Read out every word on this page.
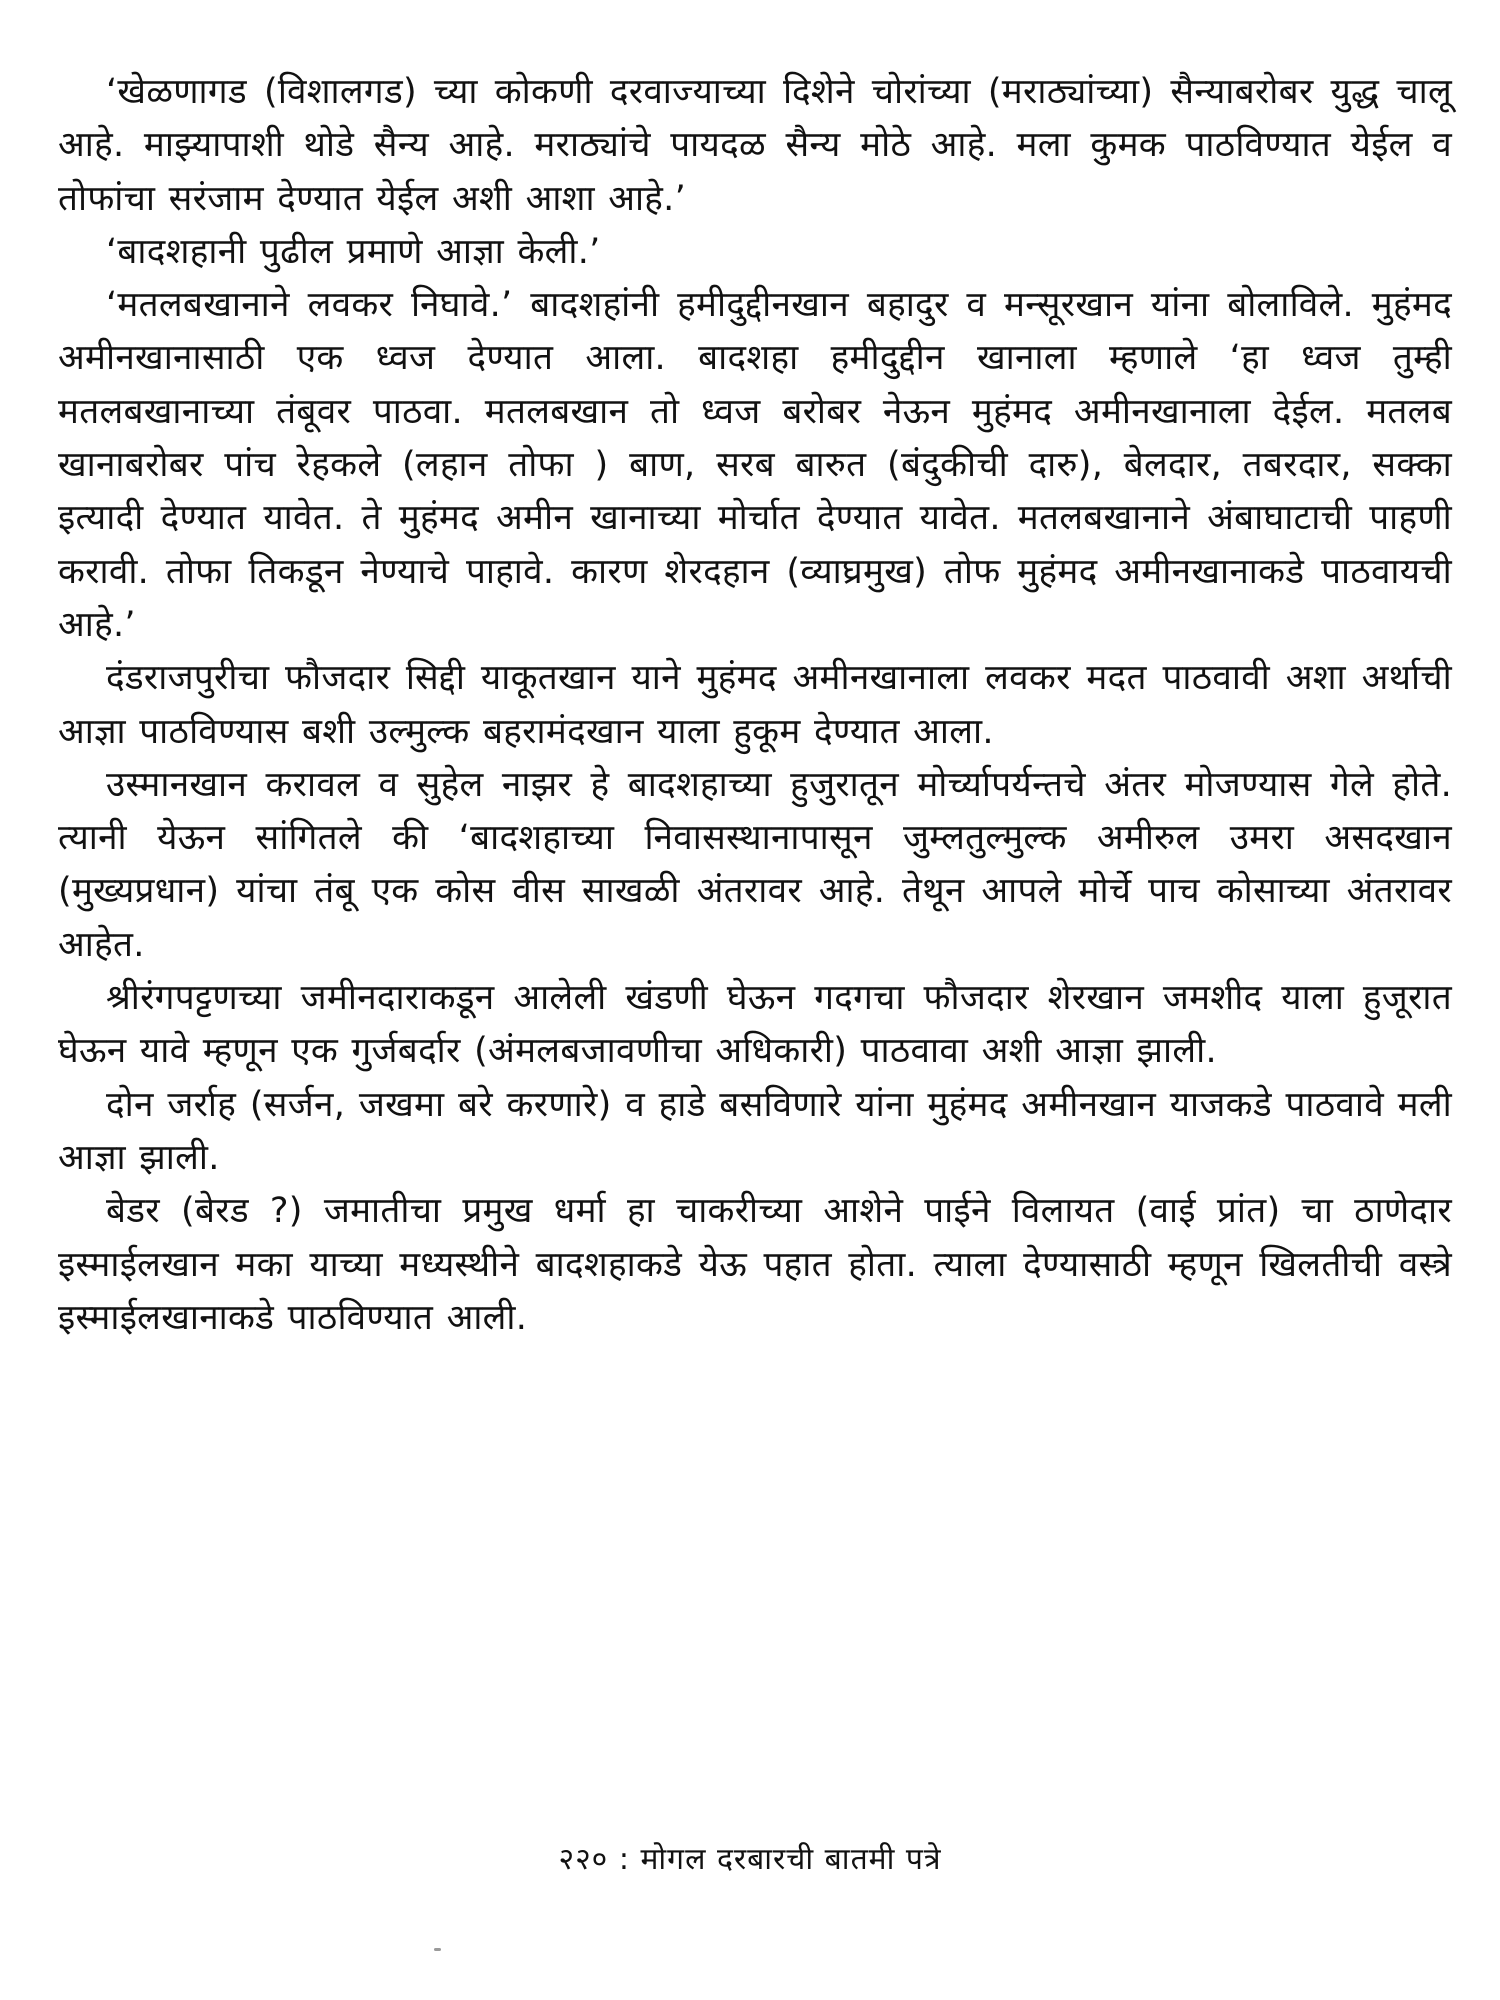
‘खेळणागड (विशालगड) च्या कोकणी दरवाज्याच्या दिशेने चोरांच्या (मराठ्यांच्या) सैन्याबरोबर युद्ध चालू आहे. माझ्यापाशी थोडे सैन्य आहे. मराठ्यांचे पायदळ सैन्य मोठे आहे. मला कुमक पाठविण्यात येईल व तोफांचा सरंजाम देण्यात येईल अशी आशा आहे.’

‘बादशहानी पुढील प्रमाणे आज्ञा केली.’

‘मतलबखानाने लवकर निघावे.’ बादशहांनी हमीदुद्दीनखान बहादुर व मन्सूरखान यांना बोलाविले. मुहंमद अमीनखानासाठी एक ध्वज देण्यात आला. बादशहा हमीदुद्दीन खानाला म्हणाले ‘हा ध्वज तुम्ही मतलबखानाच्या तंबूवर पाठवा. मतलबखान तो ध्वज बरोबर नेऊन मुहंमद अमीनखानाला देईल. मतलब खानाबरोबर पांच रेहकले (लहान तोफा ) बाण, सरब बारुत (बंदुकीची दारु), बेलदार, तबरदार, सक्का इत्यादी देण्यात यावेत. ते मुहंमद अमीन खानाच्या मोर्चात देण्यात यावेत. मतलबखानाने अंबाघाटाची पाहणी करावी. तोफा तिकडून नेण्याचे पाहावे. कारण शेरदहान (व्याघ्रमुख) तोफ मुहंमद अमीनखानाकडे पाठवायची आहे.’

दंडराजपुरीचा फौजदार सिद्दी याकूतखान याने मुहंमद अमीनखानाला लवकर मदत पाठवावी अशा अर्थाची आज्ञा पाठविण्यास बशी उल्मुल्क बहरामंदखान याला हुकूम देण्यात आला.

उस्मानखान करावल व सुहेल नाझर हे बादशहाच्या हुजुरातून मोर्च्यापर्यन्तचे अंतर मोजण्यास गेले होते. त्यानी येऊन सांगितले की ‘बादशहाच्या निवासस्थानापासून जुम्लतुल्मुल्क अमीरुल उमरा असदखान (मुख्यप्रधान) यांचा तंबू एक कोस वीस साखळी अंतरावर आहे. तेथून आपले मोर्चे पाच कोसाच्या अंतरावर आहेत.

श्रीरंगपट्टणच्या जमीनदाराकडून आलेली खंडणी घेऊन गदगचा फौजदार शेरखान जमशीद याला हुजूरात घेऊन यावे म्हणून एक गुर्जबर्दार (अंमलबजावणीचा अधिकारी) पाठवावा अशी आज्ञा झाली.

दोन जर्राह (सर्जन, जखमा बरे करणारे) व हाडे बसविणारे यांना मुहंमद अमीनखान याजकडे पाठवावे मली आज्ञा झाली.

बेडर (बेरड ?) जमातीचा प्रमुख धर्मा हा चाकरीच्या आशेने पाईने विलायत (वाई प्रांत) चा ठाणेदार इस्माईलखान मका याच्या मध्यस्थीने बादशहाकडे येऊ पहात होता. त्याला देण्यासाठी म्हणून खिलतीची वस्त्रे इस्माईलखानाकडे पाठविण्यात आली.

२२० : मोगल दरबारची बातमी पत्रे
